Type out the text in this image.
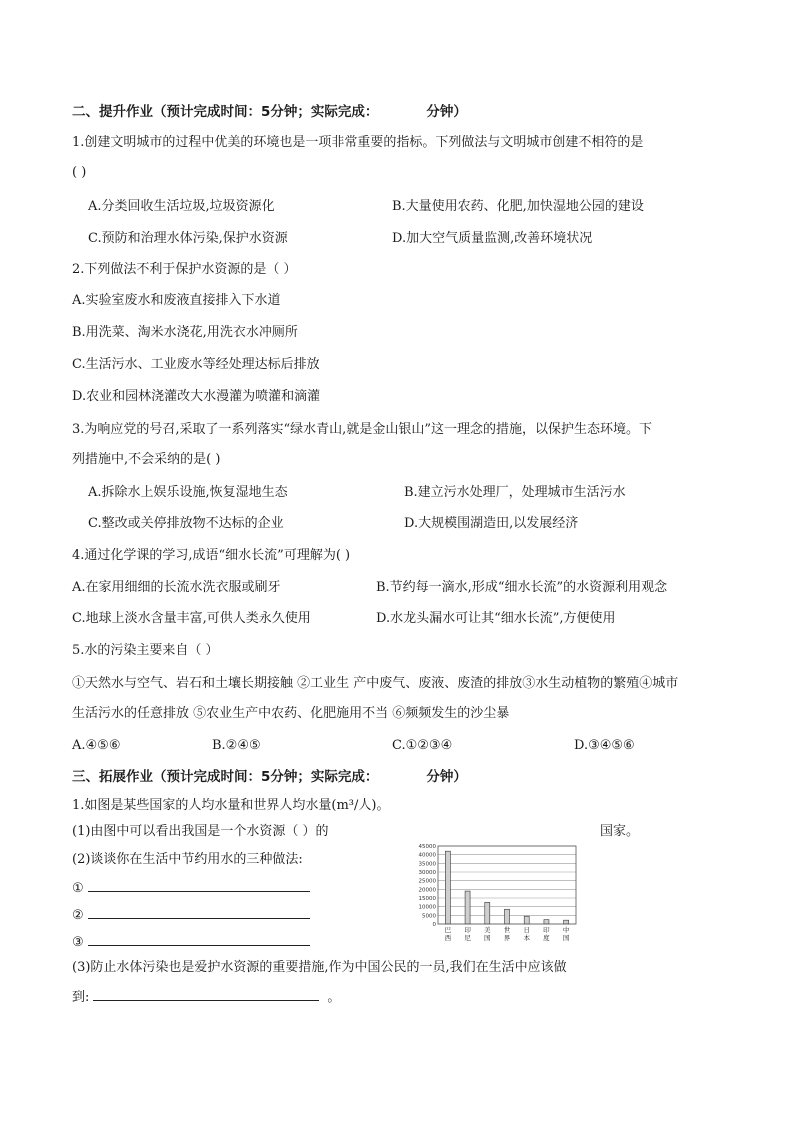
二、提升作业（预计完成时间：5分钟；实际完成：	分钟）
1.创建文明城市的过程中优美的环境也是一项非常重要的指标。下列做法与文明城市创建不相符的是
( )
A.分类回收生活垃圾,垃圾资源化	B.大量使用农药、化肥,加快湿地公园的建设
C.预防和治理水体污染,保护水资源	D.加大空气质量监测,改善环境状况
2.下列做法不利于保护水资源的是（ ）
A.实验室废水和废液直接排入下水道
B.用洗菜、淘米水浇花,用洗衣水冲厕所
C.生活污水、工业废水等经处理达标后排放
D.农业和园林浇灌改大水漫灌为喷灌和滴灌
3.为响应党的号召,采取了一系列落实“绿水青山,就是金山银山”这一理念的措施，以保护生态环境。下
列措施中,不会采纳的是( )
A.拆除水上娱乐设施,恢复湿地生态	B.建立污水处理厂，处理城市生活污水
C.整改或关停排放物不达标的企业	D.大规模围湖造田,以发展经济
4.通过化学课的学习,成语“细水长流”可理解为( )
A.在家用细细的长流水洗衣服或刷牙	B.节约每一滴水,形成“细水长流”的水资源利用观念
C.地球上淡水含量丰富,可供人类永久使用	D.水龙头漏水可让其“细水长流”,方便使用
5.水的污染主要来自（ ）
①天然水与空气、岩石和土壤长期接触 ②工业生 产中废气、废液、废渣的排放③水生动植物的繁殖④城市
生活污水的任意排放 ⑤农业生产中农药、化肥施用不当 ⑥频频发生的沙尘暴
A.④⑤⑥	B.②④⑤	C.①②③④	D.③④⑤⑥
三、拓展作业（预计完成时间：5分钟；实际完成：	分钟）
1.如图是某些国家的人均水量和世界人均水量(m³/人)。
(1)由图中可以看出我国是一个水资源（ ）的	国家。
(2)谈谈你在生活中节约用水的三种做法:
①
②
③
(3)防止水体污染也是爱护水资源的重要措施,作为中国公民的一员,我们在生活中应该做
到:	。
0
5000
10000
15000
20000
25000
30000
35000
40000
45000
巴
西
印
尼
美
国
世
界
日
本
印
度
中
国
